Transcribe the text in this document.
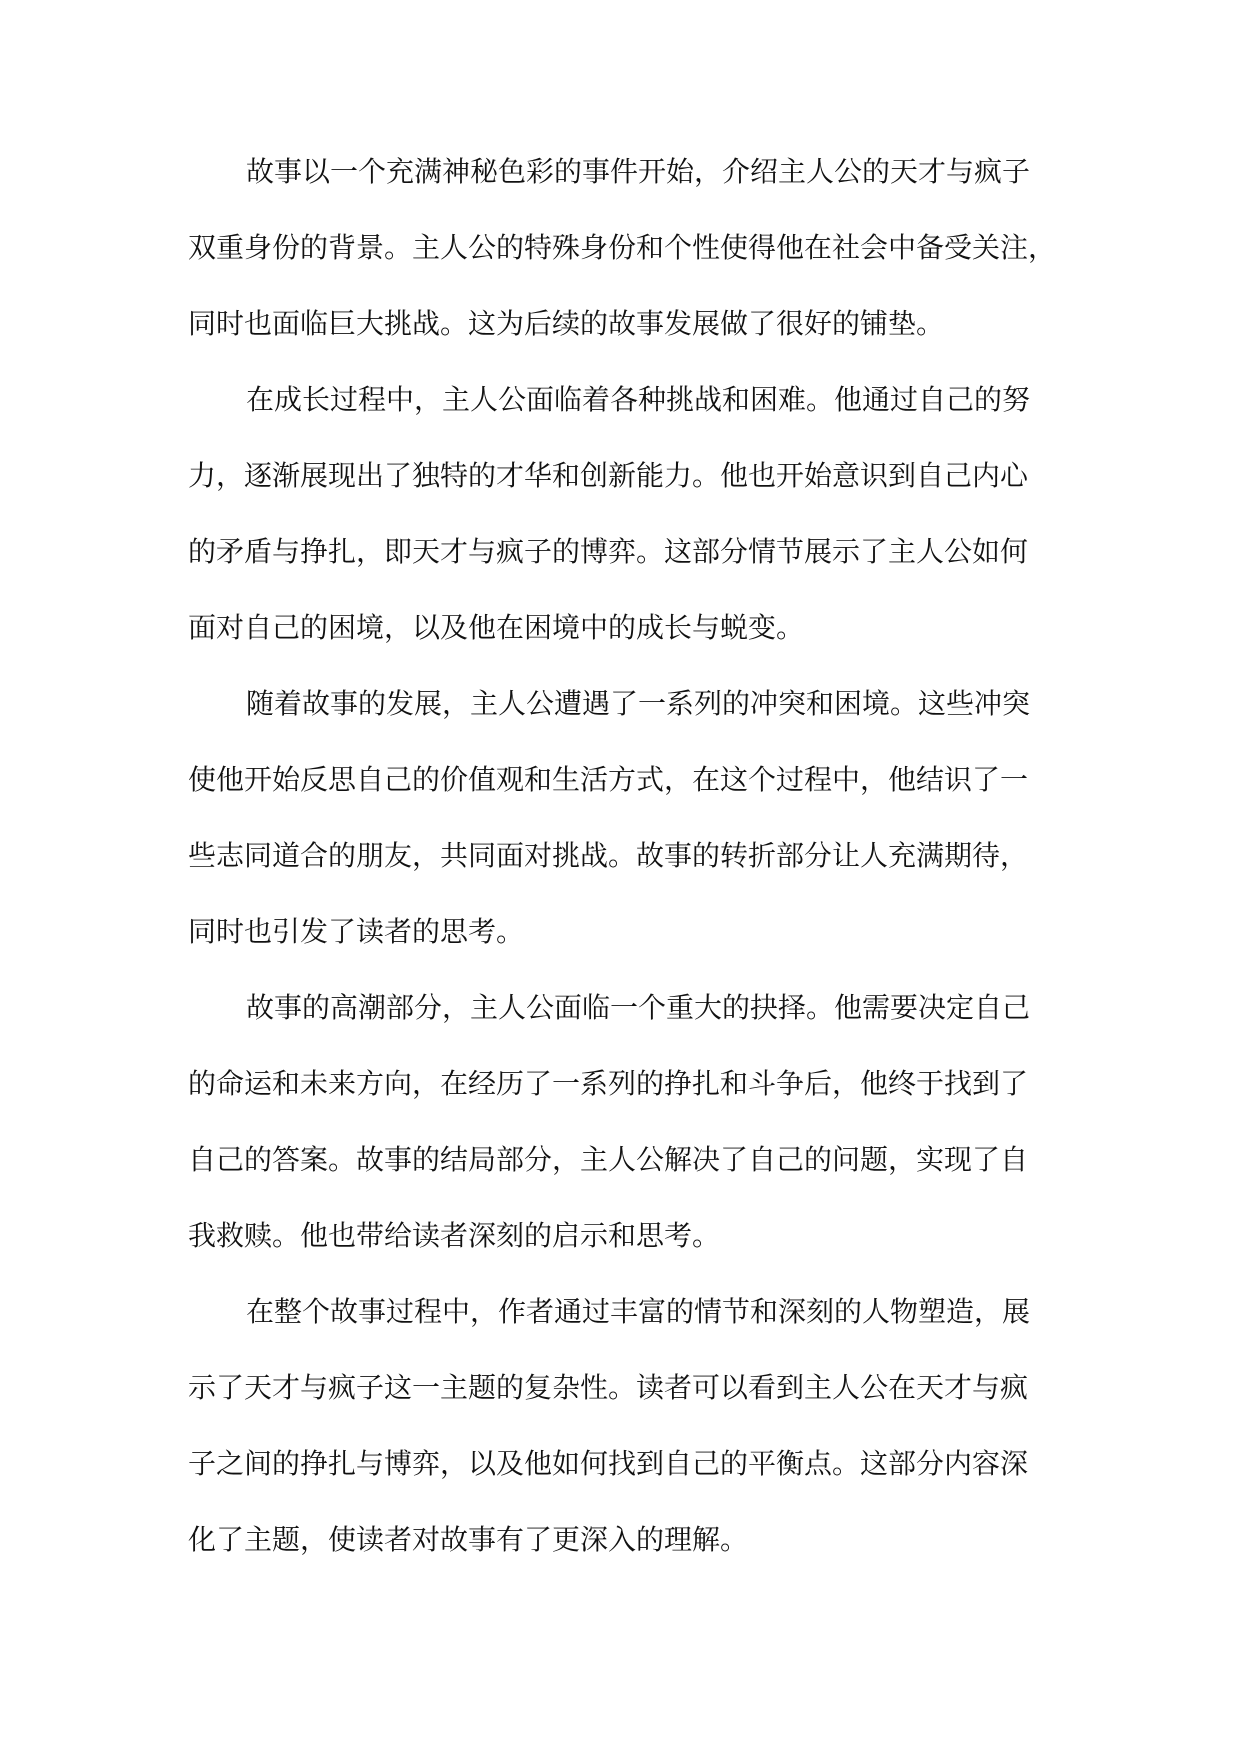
故事以一个充满神秘色彩的事件开始，介绍主人公的天才与疯子
双重身份的背景。主人公的特殊身份和个性使得他在社会中备受关注，
同时也面临巨大挑战。这为后续的故事发展做了很好的铺垫。
在成长过程中，主人公面临着各种挑战和困难。他通过自己的努
力，逐渐展现出了独特的才华和创新能力。他也开始意识到自己内心
的矛盾与挣扎，即天才与疯子的博弈。这部分情节展示了主人公如何
面对自己的困境，以及他在困境中的成长与蜕变。
随着故事的发展，主人公遭遇了一系列的冲突和困境。这些冲突
使他开始反思自己的价值观和生活方式，在这个过程中，他结识了一
些志同道合的朋友，共同面对挑战。故事的转折部分让人充满期待，
同时也引发了读者的思考。
故事的高潮部分，主人公面临一个重大的抉择。他需要决定自己
的命运和未来方向，在经历了一系列的挣扎和斗争后，他终于找到了
自己的答案。故事的结局部分，主人公解决了自己的问题，实现了自
我救赎。他也带给读者深刻的启示和思考。
在整个故事过程中，作者通过丰富的情节和深刻的人物塑造，展
示了天才与疯子这一主题的复杂性。读者可以看到主人公在天才与疯
子之间的挣扎与博弈，以及他如何找到自己的平衡点。这部分内容深
化了主题，使读者对故事有了更深入的理解。
